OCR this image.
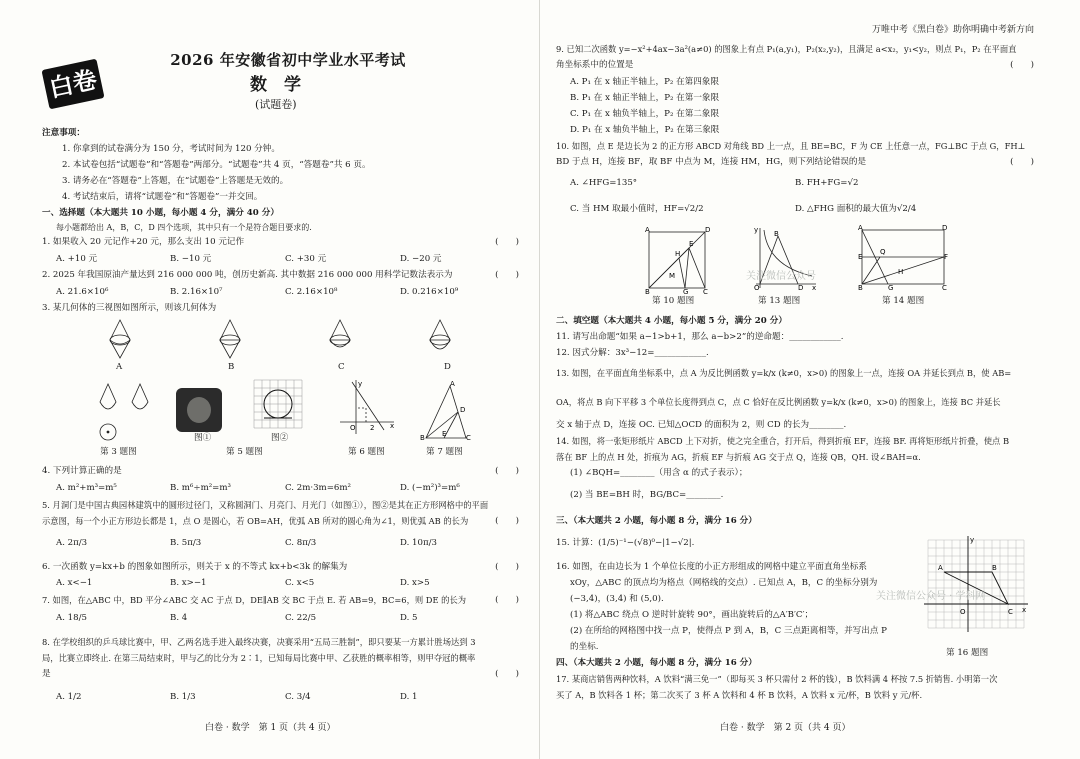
白卷
2026 年安徽省初中学业水平考试
数　学
(试题卷)
注意事项：
1. 你拿到的试卷满分为 150 分，考试时间为 120 分钟。
2. 本试卷包括“试题卷”和“答题卷”两部分。“试题卷”共 4 页，“答题卷”共 6 页。
3. 请务必在“答题卷”上答题，在“试题卷”上答题是无效的。
4. 考试结束后，请将“试题卷”和“答题卷”一并交回。
一、选择题（本大题共 10 小题，每小题 4 分，满分 40 分）
每小题都给出 A，B，C，D 四个选项，其中只有一个是符合题目要求的.
1. 如果收入 20 元记作+20 元，那么支出 10 元记作	(　　)
A. +10 元	B. −10 元	C. +30 元	D. −20 元
2. 2025 年我国原油产量达到 216 000 000 吨，创历史新高. 其中数据 216 000 000 用科学记数法表示为	(　　)
A. 21.6×10⁶	B. 2.16×10⁷	C. 2.16×10⁸	D. 0.216×10⁹
3. 某几何体的三视图如图所示，则该几何体为
A	B	C	D
O 2
y
x
A
B	C
D
E
第 3 题图
图①	图②
第 5 题图	第 6 题图	第 7 题图
4. 下列计算正确的是	(　　)
A. m²+m³=m⁵	B. m⁶÷m²=m³	C. 2m·3m=6m²	D. (−m²)³=m⁶
5. 月洞门是中国古典园林建筑中的圆形过径门，又称圆洞门、月亮门、月光门（如图①），图②是其在正方形网格中的平面
示意图，每一个小正方形边长都是 1，点 O 是圆心，若 OB=AH，优弧 AB 所对的圆心角为∠1，则优弧 AB 的长为	(　　)
A. 2π/3	B. 5π/3	C. 8π/3	D. 10π/3
6. 一次函数 y=kx+b 的图象如图所示，则关于 x 的不等式 kx+b<3k 的解集为	(　　)
A. x<−1	B. x>−1	C. x<5	D. x>5
7. 如图，在△ABC 中，BD 平分∠ABC 交 AC 于点 D，DE∥AB 交 BC 于点 E. 若 AB=9，BC=6，则 DE 的长为	(　　)
A. 18/5	B. 4	C. 22/5	D. 5
8. 在学校组织的乒乓球比赛中，甲、乙两名选手进入最终决赛，决赛采用“五局三胜制”，即只要某一方累计胜场达到 3
局，比赛立即终止. 在第三局结束时，甲与乙的比分为 2∶1，已知每局比赛中甲、乙获胜的概率相等，则甲夺冠的概率
是	(　　)
A. 1/2	B. 1/3	C. 3/4	D. 1
白卷 · 数学　第 1 页（共 4 页）
万唯中考《黑白卷》助你明确中考新方向
9. 已知二次函数 y=−x²+4ax−3a²(a≠0) 的图象上有点 P₁(a,y₁)，P₂(x₂,y₂)，且满足 a<x₂，y₁<y₂，则点 P₁，P₂ 在平面直
角坐标系中的位置是	(　　)
A. P₁ 在 x 轴正半轴上，P₂ 在第四象限
B. P₁ 在 x 轴正半轴上，P₂ 在第一象限
C. P₁ 在 x 轴负半轴上，P₂ 在第二象限
D. P₁ 在 x 轴负半轴上，P₂ 在第三象限
10. 如图，点 E 是边长为 2 的正方形 ABCD 对角线 BD 上一点，且 BE=BC，F 为 CE 上任意一点，FG⊥BC 于点 G，FH⊥
BD 于点 H，连接 BF，取 BF 中点为 M，连接 HM，HG，则下列结论错误的是	(　　)
A. ∠HFG=135°	B. FH+FG=√2
C. 当 HM 取最小值时，HF=√2/2	D. △FHG 面积的最大值为√2/4
A	D
B	C
H
E
M
G
y
x
O
B
D
A	D
B	C
E	F
Q
H
G
第 10 题图	第 13 题图	第 14 题图
关注微信公众号
二、填空题（本大题共 4 小题，每小题 5 分，满分 20 分）
11. 请写出命题“如果 a−1>b+1，那么 a−b>2”的逆命题：____________.
12. 因式分解：3x³−12=____________.
13. 如图，在平面直角坐标系中，点 A 为反比例函数 y=k/x (k≠0，x>0) 的图象上一点，连接 OA 并延长到点 B，使 AB=
OA，将点 B 向下平移 3 个单位长度得到点 C，点 C 恰好在反比例函数 y=k/x (k≠0，x>0) 的图象上，连接 BC 并延长
交 x 轴于点 D，连接 OC. 已知△OCD 的面积为 2，则 CD 的长为________.
14. 如图，将一张矩形纸片 ABCD 上下对折，使之完全重合，打开后，得到折痕 EF，连接 BF. 再将矩形纸片折叠，使点 B
落在 BF 上的点 H 处，折痕为 AG，折痕 EF 与折痕 AG 交于点 Q，连接 QB，QH. 设∠BAH=α.
(1) ∠BQH=________（用含 α 的式子表示）；
(2) 当 BE=BH 时，BG/BC=________.
三、（本大题共 2 小题，每小题 8 分，满分 16 分）
15. 计算：(1/5)⁻¹−(√8)⁰−|1−√2|.
16. 如图，在由边长为 1 个单位长度的小正方形组成的网格中建立平面直角坐标系
xOy，△ABC 的顶点均为格点（网格线的交点）. 已知点 A，B，C 的坐标分别为
(−3,4)，(3,4) 和 (5,0).
(1) 将△ABC 绕点 O 逆时针旋转 90°，画出旋转后的△A′B′C′；
(2) 在所给的网格图中找一点 P，使得点 P 到 A，B，C 三点距离相等，并写出点 P
的坐标.
A	B
C
O
y
x
第 16 题图
关注微信公众号 · 学科网
四、（本大题共 2 小题，每小题 8 分，满分 16 分）
17. 某商店销售两种饮料，A 饮料“满三免一”（即每买 3 杯只需付 2 杯的钱），B 饮料满 4 杯按 7.5 折销售. 小明第一次
买了 A，B 饮料各 1 杯；第二次买了 3 杯 A 饮料和 4 杯 B 饮料，A 饮料 x 元/杯，B 饮料 y 元/杯.
白卷 · 数学　第 2 页（共 4 页）
